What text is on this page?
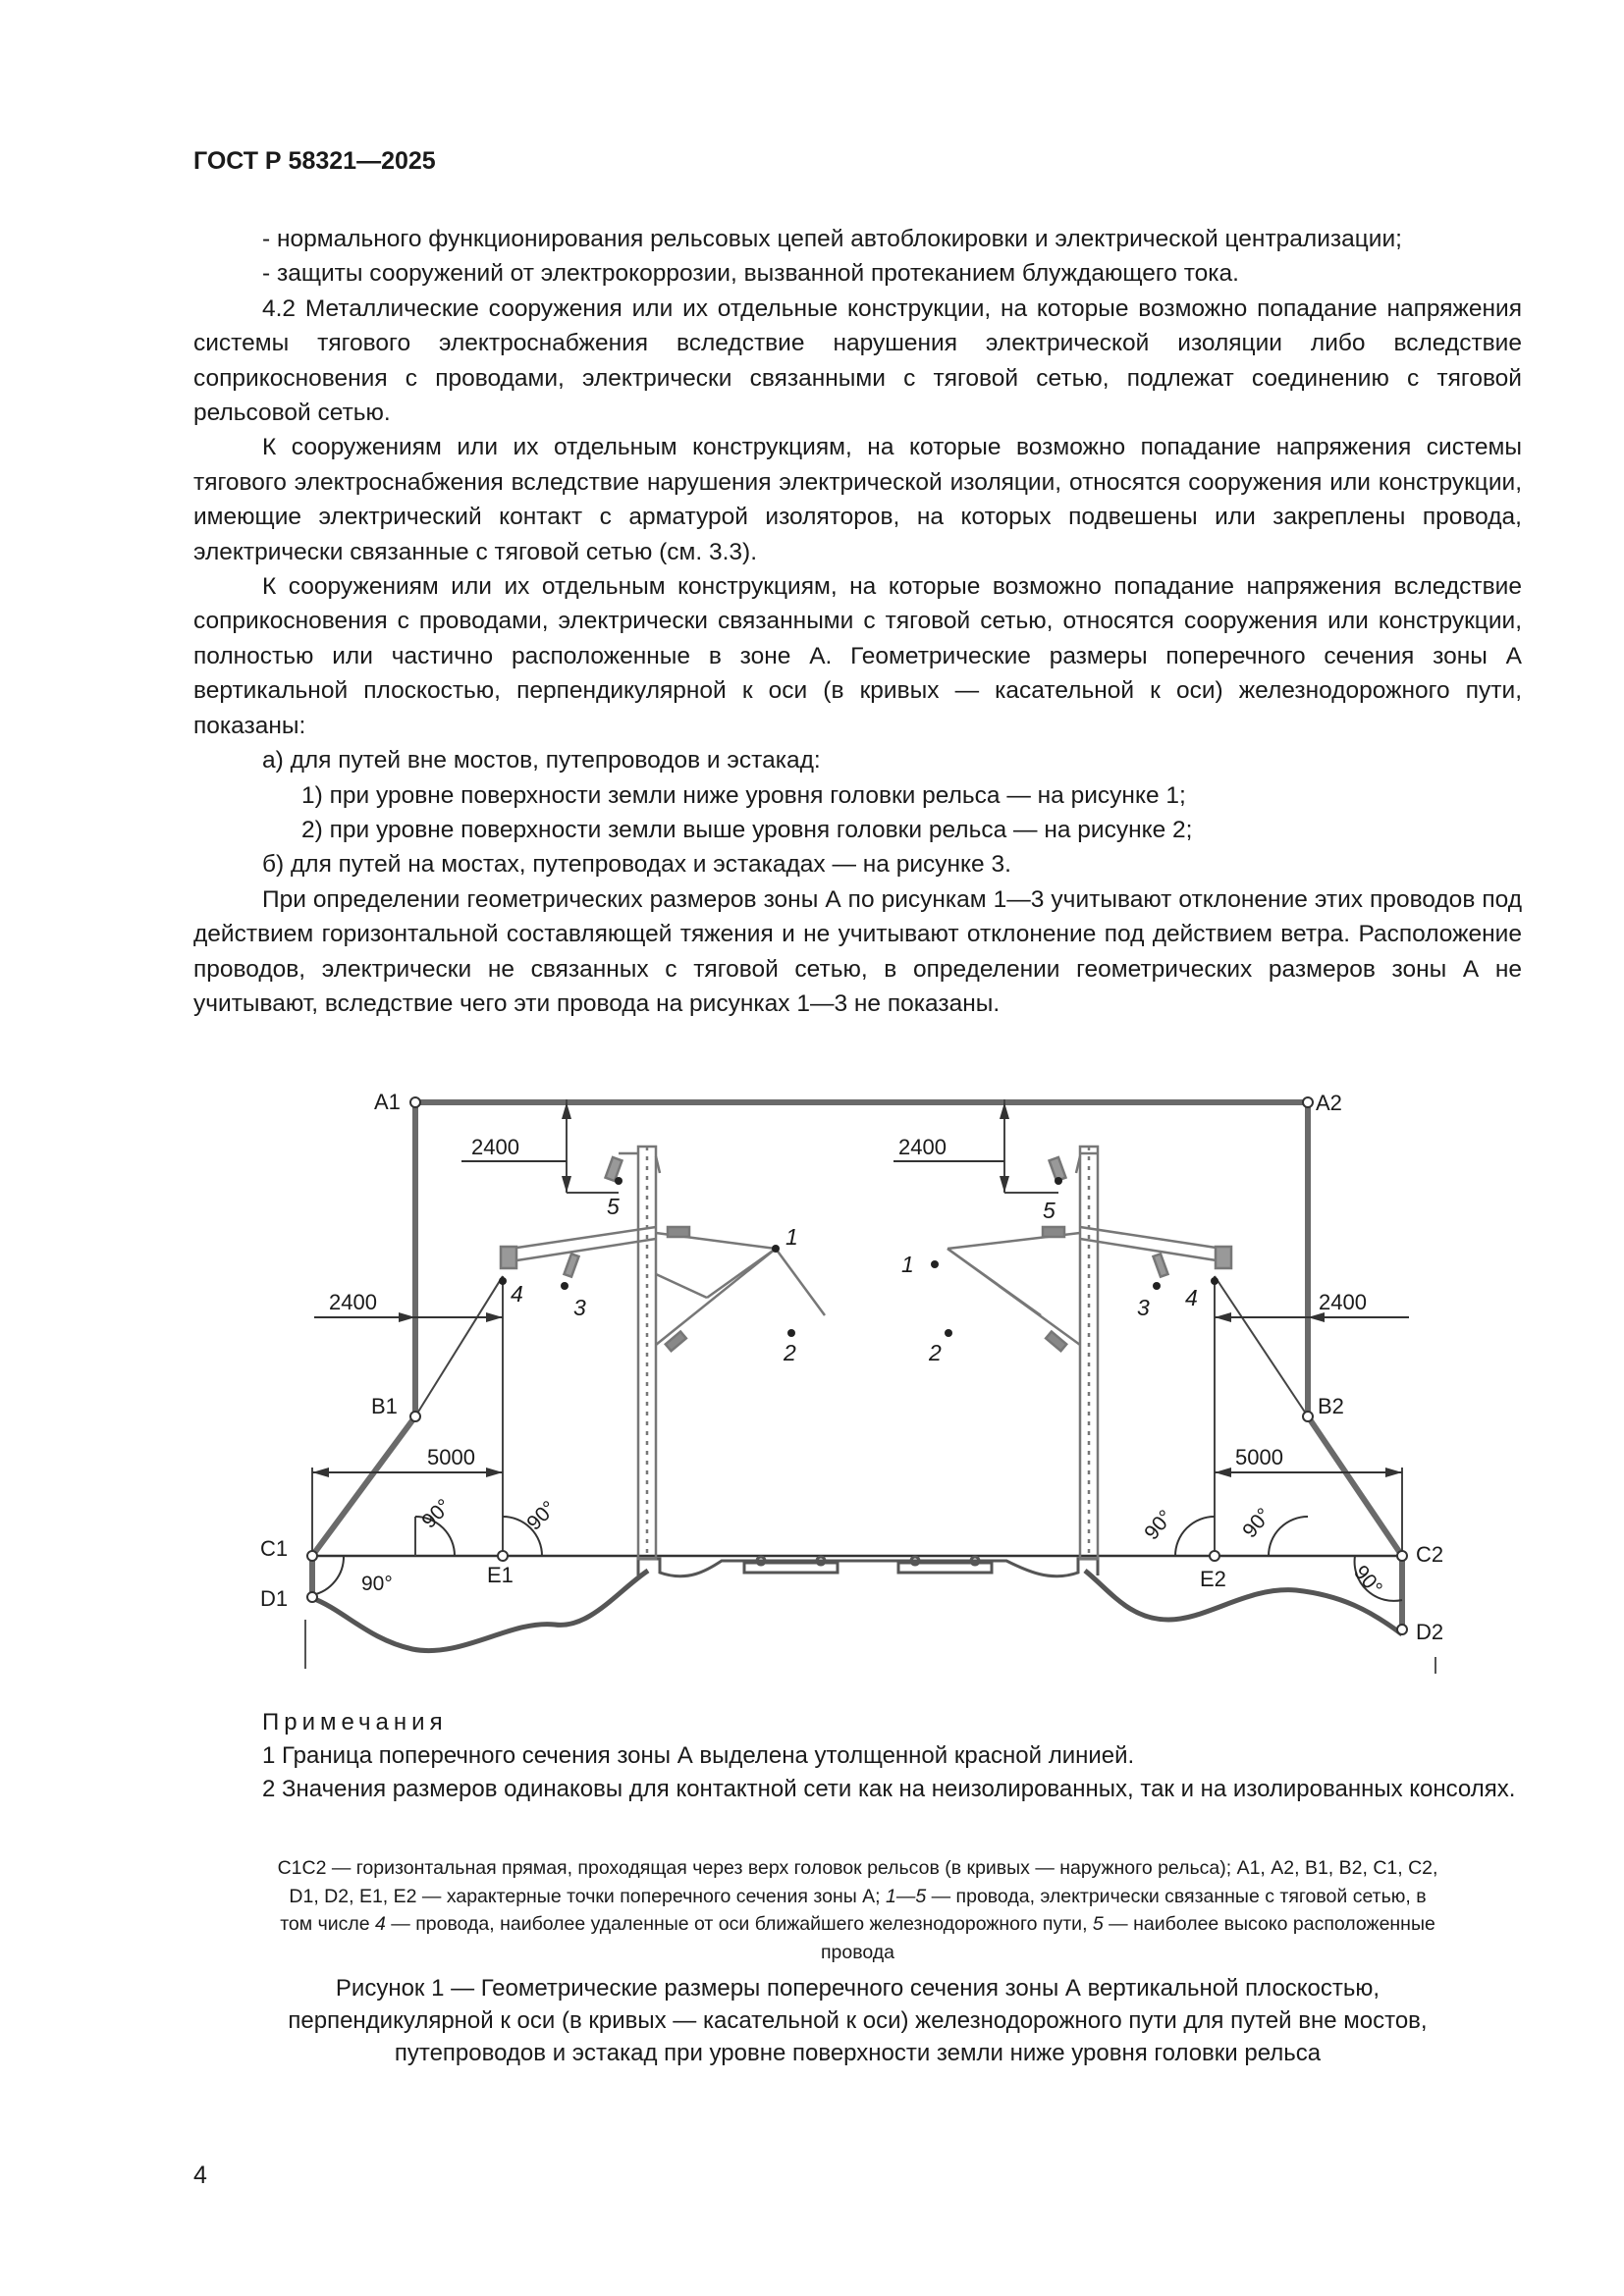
ГОСТ Р 58321—2025

- нормального функционирования рельсовых цепей автоблокировки и электрической централизации;

- защиты сооружений от электрокоррозии, вызванной протеканием блуждающего тока.

4.2 Металлические сооружения или их отдельные конструкции, на которые возможно попадание напряжения системы тягового электроснабжения вследствие нарушения электрической изоляции либо вследствие соприкосновения с проводами, электрически связанными с тяговой сетью, подлежат соединению с тяговой рельсовой сетью.

К сооружениям или их отдельным конструкциям, на которые возможно попадание напряжения системы тягового электроснабжения вследствие нарушения электрической изоляции, относятся сооружения или конструкции, имеющие электрический контакт с арматурой изоляторов, на которых подвешены или закреплены провода, электрически связанные с тяговой сетью (см. 3.3).

К сооружениям или их отдельным конструкциям, на которые возможно попадание напряжения вследствие соприкосновения с проводами, электрически связанными с тяговой сетью, относятся сооружения или конструкции, полностью или частично расположенные в зоне А. Геометрические размеры поперечного сечения зоны А вертикальной плоскостью, перпендикулярной к оси (в кривых — касательной к оси) железнодорожного пути, показаны:

а) для путей вне мостов, путепроводов и эстакад:

1) при уровне поверхности земли ниже уровня головки рельса — на рисунке 1;

2) при уровне поверхности земли выше уровня головки рельса — на рисунке 2;

б) для путей на мостах, путепроводах и эстакадах — на рисунке 3.

При определении геометрических размеров зоны А по рисункам 1—3 учитывают отклонение этих проводов под действием горизонтальной составляющей тяжения и не учитывают отклонение под действием ветра. Расположение проводов, электрически не связанных с тяговой сетью, в определении геометрических размеров зоны А не учитывают, вследствие чего эти провода на рисунках 1—3 не показаны.

A1	A2
B1	B2
C1	C2
D1
D2
E1	E2
2400	2400
2400	2400
5000	5000
90°	90°	90°	90°
90°	90°
1
1
2	2
3	3
4	4
5	5

Примечания

1 Граница поперечного сечения зоны А выделена утолщенной красной линией.

2 Значения размеров одинаковы для контактной сети как на неизолированных, так и на изолированных консолях.

С1С2 — горизонтальная прямая, проходящая через верх головок рельсов (в кривых — наружного рельса); А1, А2, В1, В2, С1, С2,

D1, D2, E1, E2 — характерные точки поперечного сечения зоны А; 1—5 — провода, электрически связанные с тяговой сетью, в

том числе 4 — провода, наиболее удаленные от оси ближайшего железнодорожного пути, 5 — наиболее высоко расположенные

провода

Рисунок 1 — Геометрические размеры поперечного сечения зоны А вертикальной плоскостью,

перпендикулярной к оси (в кривых — касательной к оси) железнодорожного пути для путей вне мостов,

путепроводов и эстакад при уровне поверхности земли ниже уровня головки рельса

4
